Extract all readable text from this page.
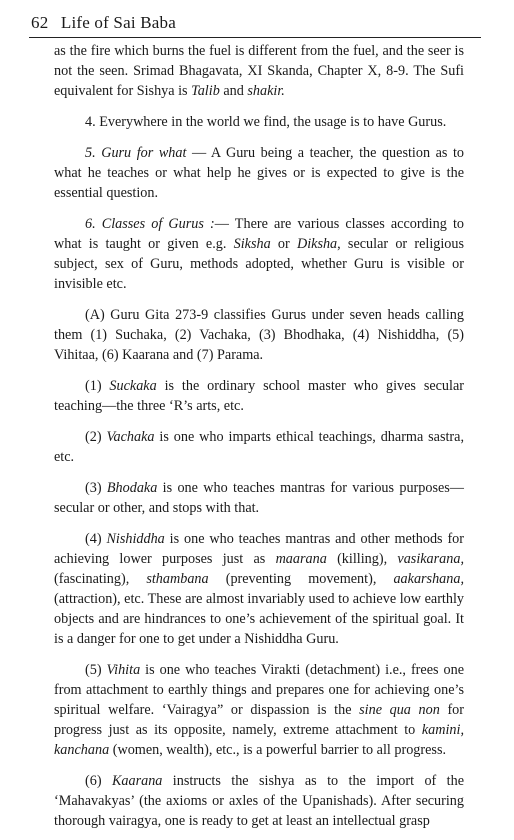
62 Life of Sai Baba

as the fire which burns the fuel is different from the fuel, and the seer is not the seen. Srimad Bhagavata, XI Skanda, Chapter X, 8-9. The Sufi equivalent for Sishya is Talib and shakir.

4. Everywhere in the world we find, the usage is to have Gurus.

5. Guru for what — A Guru being a teacher, the question as to what he teaches or what help he gives or is expected to give is the essential question.

6. Classes of Gurus :— There are various classes according to what is taught or given e.g. Siksha or Diksha, secular or religious subject, sex of Guru, methods adopted, whether Guru is visible or invisible etc.

(A) Guru Gita 273-9 classifies Gurus under seven heads calling them (1) Suchaka, (2) Vachaka, (3) Bhodhaka, (4) Nishiddha, (5) Vihitaa, (6) Kaarana and (7) Parama.

(1) Suckaka is the ordinary school master who gives secular teaching—the three ‘R’s arts, etc.

(2) Vachaka is one who imparts ethical teachings, dharma sastra, etc.

(3) Bhodaka is one who teaches mantras for various purposes—secular or other, and stops with that.

(4) Nishiddha is one who teaches mantras and other methods for achieving lower purposes just as maarana (killing), vasikarana, (fascinating), sthambana (preventing movement), aakarshana, (attraction), etc. These are almost invariably used to achieve low earthly objects and are hindrances to one’s achievement of the spiritual goal. It is a danger for one to get under a Nishiddha Guru.

(5) Vihita is one who teaches Virakti (detachment) i.e., frees one from attachment to earthly things and prepares one for achieving one’s spiritual welfare. ‘Vairagya” or dispassion is the sine qua non for progress just as its opposite, namely, extreme attachment to kamini, kanchana (women, wealth), etc., is a powerful barrier to all progress.

(6) Kaarana instructs the sishya as to the import of the ‘Mahavakyas’ (the axioms or axles of the Upanishads). After securing thorough vairagya, one is ready to get at least an intellectual grasp
